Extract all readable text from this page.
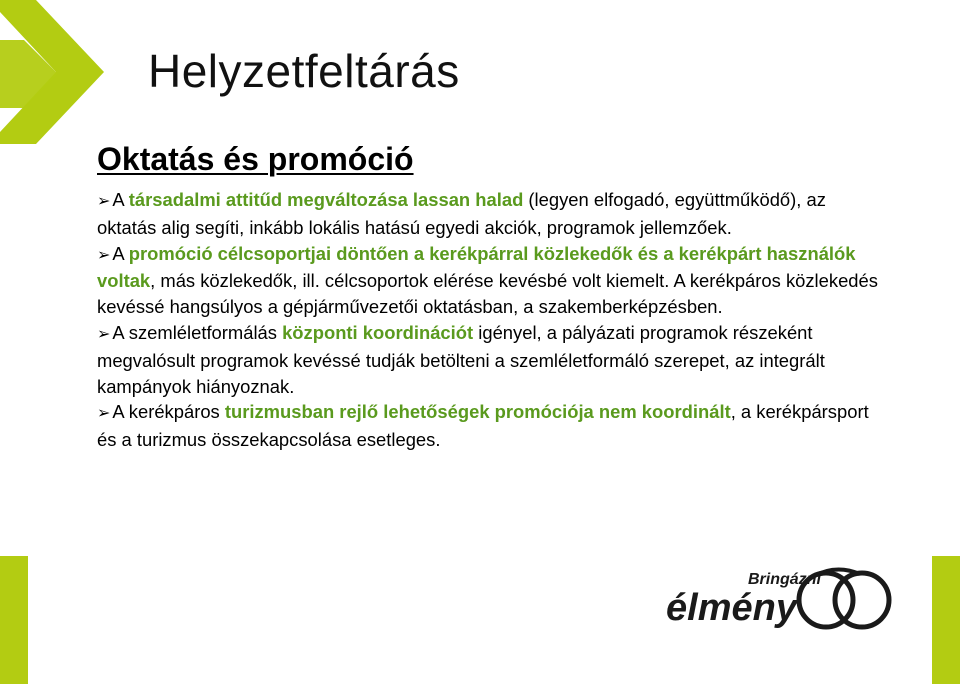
Helyzetfeltárás
Oktatás és promóció

➢ A társadalmi attitűd megváltozása lassan halad (legyen elfogadó, együttműködő), az oktatás alig segíti, inkább lokális hatású egyedi akciók, programok jellemzőek.

➢ A promóció célcsoportjai döntően a kerékpárral közlekedők és a kerékpárt használók voltak, más közlekedők, ill. célcsoportok elérése kevésbé volt kiemelt. A kerékpáros közlekedés kevéssé hangsúlyos a gépjárművezetői oktatásban, a szakemberképzésben.

➢ A szemléletformálás központi koordinációt igényel, a pályázati programok részeként megvalósult programok kevéssé tudják betölteni a szemléletformáló szerepet, az integrált kampányok hiányoznak.

➢ A kerékpáros turizmusban rejlő lehetőségek promóciója nem koordinált, a kerékpársport és a turizmus összekapcsolása esetleges.

Bringázni
élmény
